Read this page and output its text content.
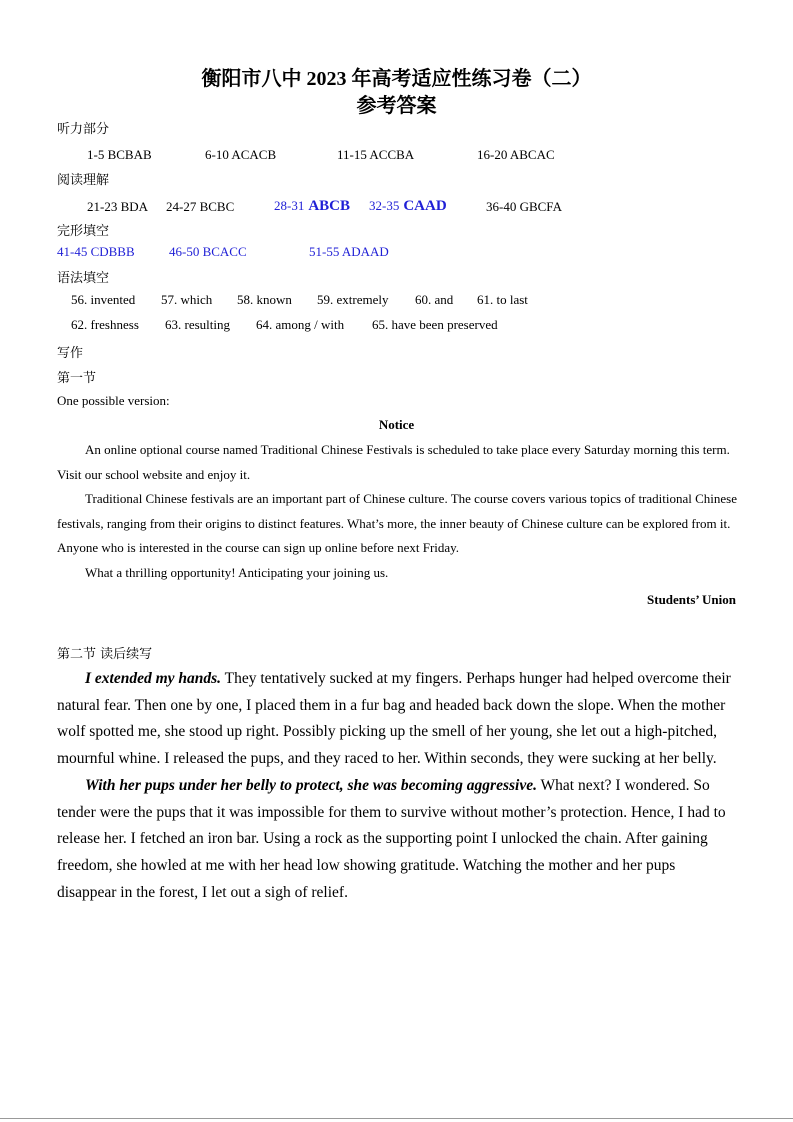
衡阳市八中 2023 年高考适应性练习卷（二）
参考答案
听力部分
1-5 BCBAB	6-10 ACACB	11-15 ACCBA	16-20 ABCAC
阅读理解
21-23 BDA 24-27 BCBC	28-31 ABCB 32-35 CAAD	36-40 GBCFA
完形填空
41-45 CDBBB	46-50 BCACC	51-55 ADAAD
语法填空
56. invented 57. which 58. known 59. extremely 60. and 61. to last
62. freshness 63. resulting 64. among / with 65. have been preserved
写作
第一节
One possible version:
Notice
An online optional course named Traditional Chinese Festivals is scheduled to take place every Saturday morning this term. Visit our school website and enjoy it.
Traditional Chinese festivals are an important part of Chinese culture. The course covers various topics of traditional Chinese festivals, ranging from their origins to distinct features. What’s more, the inner beauty of Chinese culture can be explored from it. Anyone who is interested in the course can sign up online before next Friday.
What a thrilling opportunity! Anticipating your joining us.
Students’ Union
第二节 读后续写
I extended my hands. They tentatively sucked at my fingers. Perhaps hunger had helped overcome their natural fear. Then one by one, I placed them in a fur bag and headed back down the slope. When the mother wolf spotted me, she stood up right. Possibly picking up the smell of her young, she let out a high-pitched, mournful whine. I released the pups, and they raced to her. Within seconds, they were sucking at her belly.
With her pups under her belly to protect, she was becoming aggressive. What next? I wondered. So tender were the pups that it was impossible for them to survive without mother’s protection. Hence, I had to release her. I fetched an iron bar. Using a rock as the supporting point I unlocked the chain. After gaining freedom, she howled at me with her head low showing gratitude. Watching the mother and her pups disappear in the forest, I let out a sigh of relief.
